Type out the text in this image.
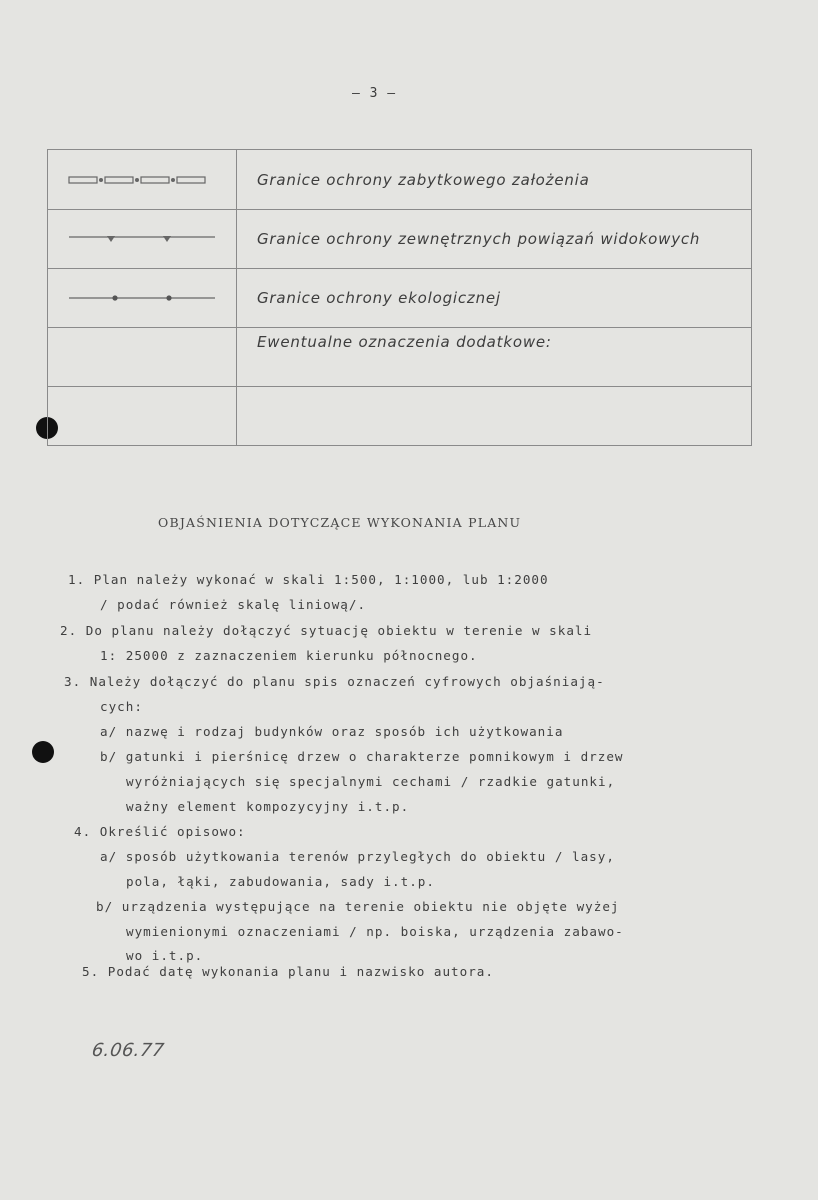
– 3 –
	Granice ochrony zabytkowego założenia

	Granice ochrony zewnętrznych powiązań widokowych

	Granice ochrony ekologicznej
	Ewentualne oznaczenia dodatkowe:

OBJAŚNIENIA DOTYCZĄCE WYKONANIA PLANU
1. Plan należy wykonać w skali 1:500, 1:1000, lub 1:2000
/ podać również skalę liniową/.
2. Do planu należy dołączyć sytuację obiektu w terenie w skali
1: 25000 z zaznaczeniem kierunku północnego.
3. Należy dołączyć do planu spis oznaczeń cyfrowych objaśniają-
cych:
a/ nazwę i rodzaj budynków oraz sposób ich użytkowania
b/ gatunki i pierśnicę drzew o charakterze pomnikowym i drzew
wyróżniających się specjalnymi cechami / rzadkie gatunki,
ważny element kompozycyjny i.t.p.
4. Określić opisowo:
a/ sposób użytkowania terenów przyległych do obiektu / lasy,
pola, łąki, zabudowania, sady i.t.p.
b/ urządzenia występujące na terenie obiektu nie objęte wyżej
wymienionymi oznaczeniami / np. boiska, urządzenia zabawo-
wo i.t.p.
5. Podać datę wykonania planu i nazwisko autora.
6.06.77
